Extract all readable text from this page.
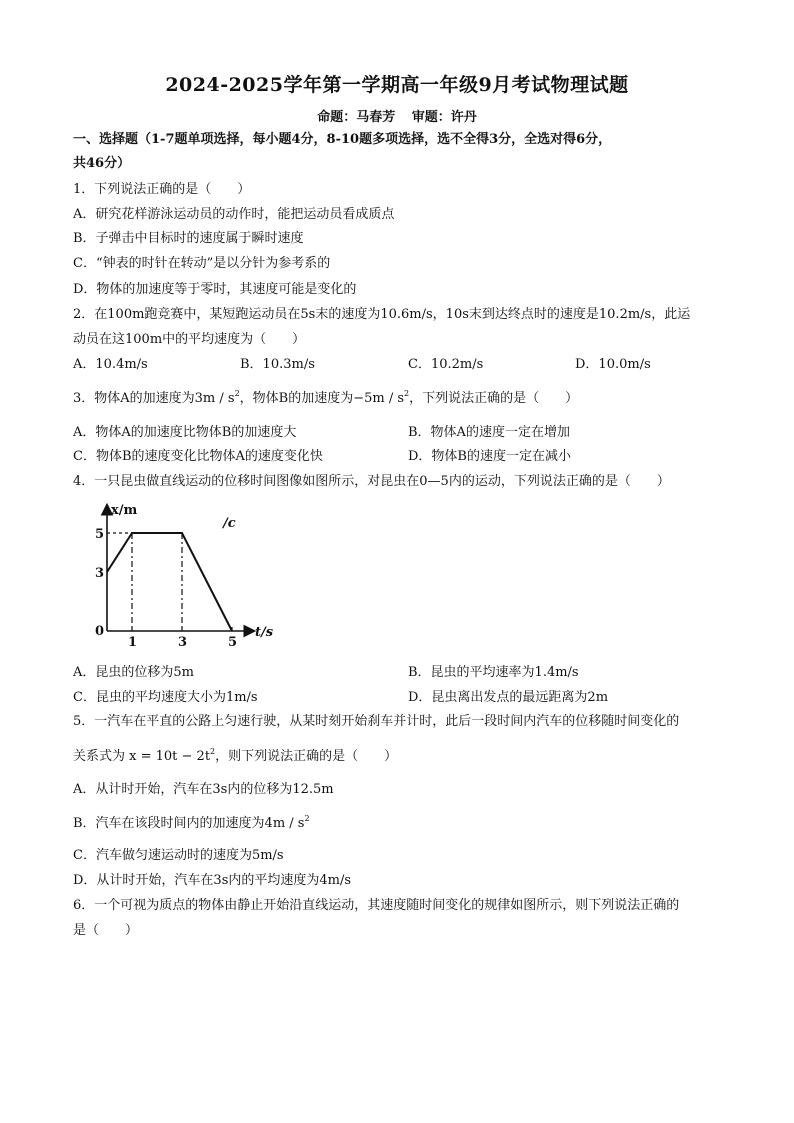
2024-2025学年第一学期高一年级9月考试物理试题
命题：马春芳 审题：许丹
一、选择题（1-7题单项选择，每小题4分，8-10题多项选择，选不全得3分，全选对得6分，
共46分）
1．下列说法正确的是（　　）
A．研究花样游泳运动员的动作时，能把运动员看成质点
B．子弹击中目标时的速度属于瞬时速度
C．“钟表的时针在转动”是以分针为参考系的
D．物体的加速度等于零时，其速度可能是变化的
2．在100m跑竞赛中，某短跑运动员在5s末的速度为10.6m/s，10s末到达终点时的速度是10.2m/s，此运
动员在这100m中的平均速度为（　　）
A．10.4m/s	B．10.3m/s	C．10.2m/s	D．10.0m/s
3．物体A的加速度为$3m / s^2$，物体B的加速度为$-5m / s^2$，下列说法正确的是（　　）
A．物体A的加速度比物体B的加速度大	B．物体A的速度一定在增加
C．物体B的速度变化比物体A的速度变化快	D．物体B的速度一定在减小
4．一只昆虫做直线运动的位移时间图像如图所示，对昆虫在0—5内的运动，下列说法正确的是（　　）
x/m
t/s
0
3
5
1	3	5
/c
A．昆虫的位移为5m	B．昆虫的平均速率为1.4m/s
C．昆虫的平均速度大小为1m/s	D．昆虫离出发点的最远距离为2m
5．一汽车在平直的公路上匀速行驶，从某时刻开始刹车并计时，此后一段时间内汽车的位移随时间变化的
关系式为 $x = 10t - 2t^2$，则下列说法正确的是（　　）
A．从计时开始，汽车在3s内的位移为12.5m
B．汽车在该段时间内的加速度为$4m / s^2$
C．汽车做匀速运动时的速度为5m/s
D．从计时开始，汽车在3s内的平均速度为4m/s
6．一个可视为质点的物体由静止开始沿直线运动，其速度随时间变化的规律如图所示，则下列说法正确的
是（　　）
